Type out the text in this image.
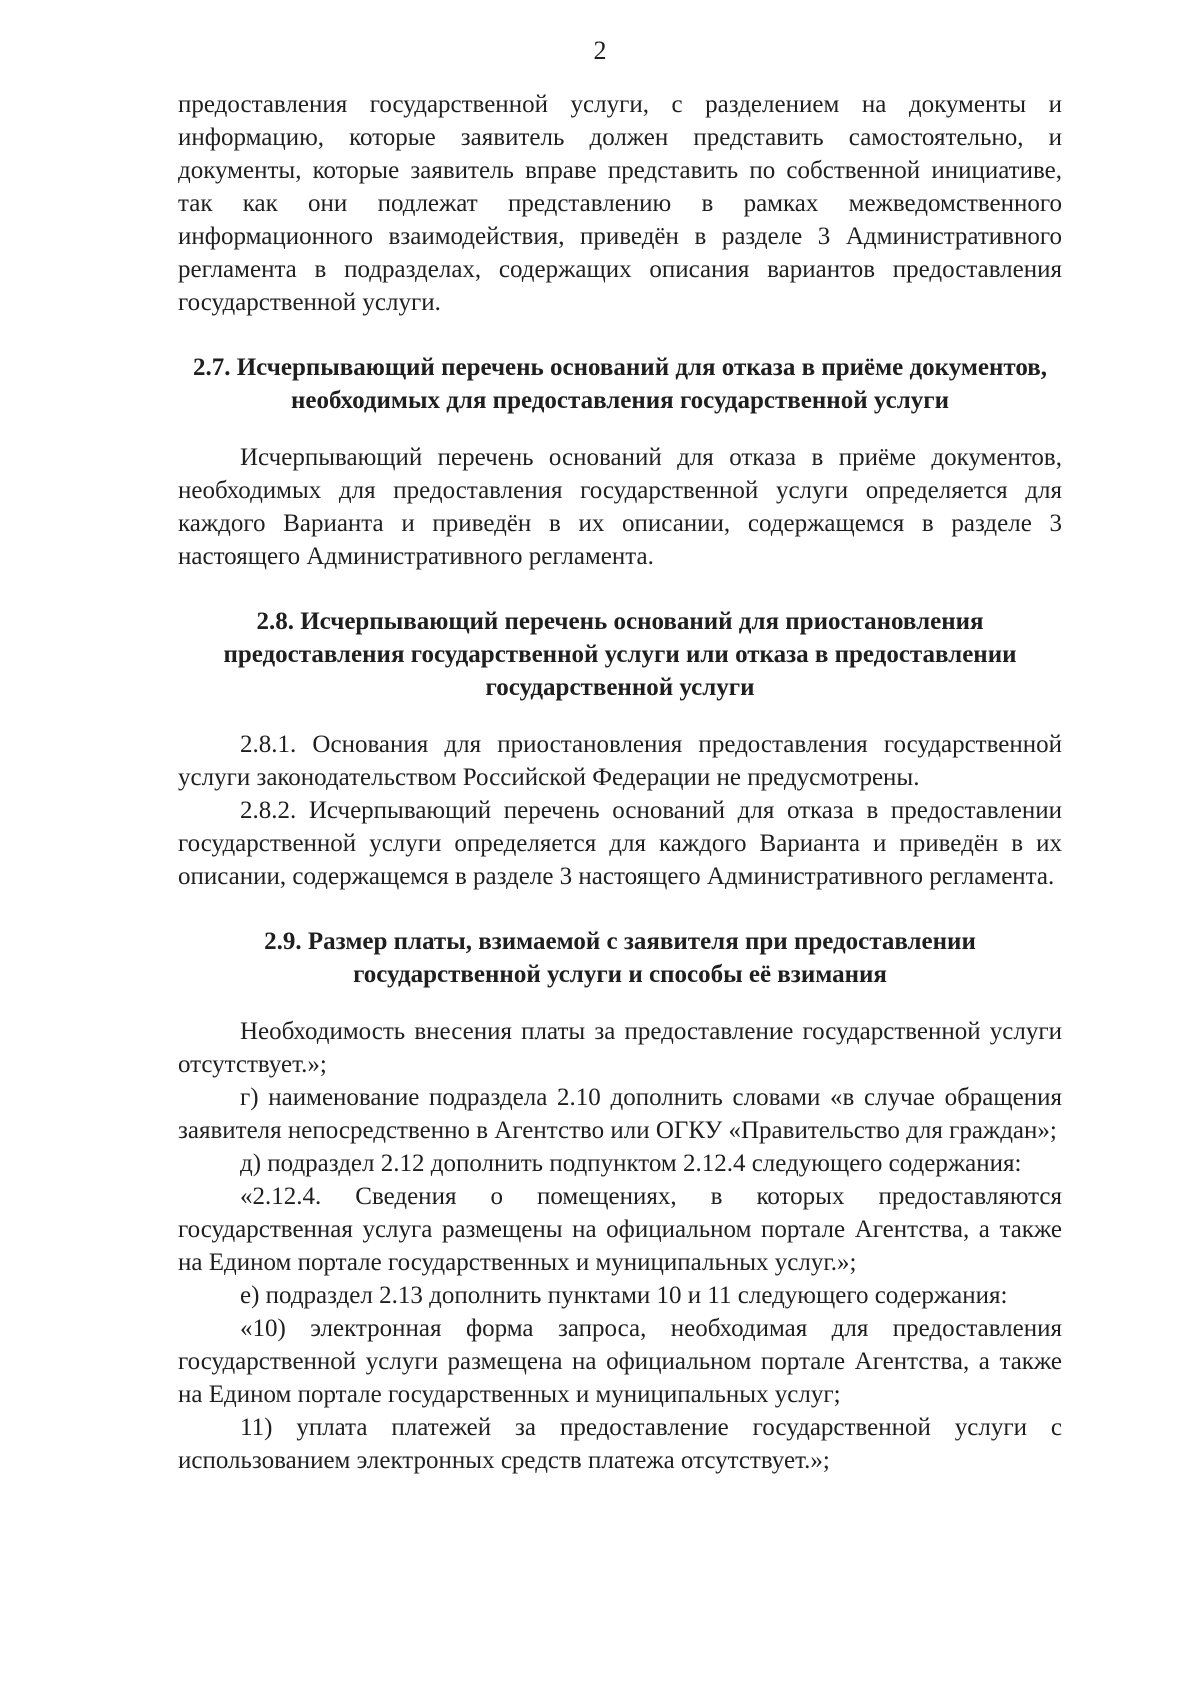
2

предоставления государственной услуги, с разделением на документы и информацию, которые заявитель должен представить самостоятельно, и документы, которые заявитель вправе представить по собственной инициативе, так как они подлежат представлению в рамках межведомственного информационного взаимодействия, приведён в разделе 3 Административного регламента в подразделах, содержащих описания вариантов предоставления государственной услуги.

2.7. Исчерпывающий перечень оснований для отказа в приёме документов, необходимых для предоставления государственной услуги

Исчерпывающий перечень оснований для отказа в приёме документов, необходимых для предоставления государственной услуги определяется для каждого Варианта и приведён в их описании, содержащемся в разделе 3 настоящего Административного регламента.

2.8. Исчерпывающий перечень оснований для приостановления предоставления государственной услуги или отказа в предоставлении государственной услуги

2.8.1. Основания для приостановления предоставления государственной услуги законодательством Российской Федерации не предусмотрены.

2.8.2. Исчерпывающий перечень оснований для отказа в предоставлении государственной услуги определяется для каждого Варианта и приведён в их описании, содержащемся в разделе 3 настоящего Административного регламента.

2.9. Размер платы, взимаемой с заявителя при предоставлении государственной услуги и способы её взимания

Необходимость внесения платы за предоставление государственной услуги отсутствует.»;

г) наименование подраздела 2.10 дополнить словами «в случае обращения заявителя непосредственно в Агентство или ОГКУ «Правительство для граждан»;

д) подраздел 2.12 дополнить подпунктом 2.12.4 следующего содержания:

«2.12.4. Сведения о помещениях, в которых предоставляются государственная услуга размещены на официальном портале Агентства, а также на Едином портале государственных и муниципальных услуг.»;

е) подраздел 2.13 дополнить пунктами 10 и 11 следующего содержания:

«10) электронная форма запроса, необходимая для предоставления государственной услуги размещена на официальном портале Агентства, а также на Едином портале государственных и муниципальных услуг;

11) уплата платежей за предоставление государственной услуги с использованием электронных средств платежа отсутствует.»;
